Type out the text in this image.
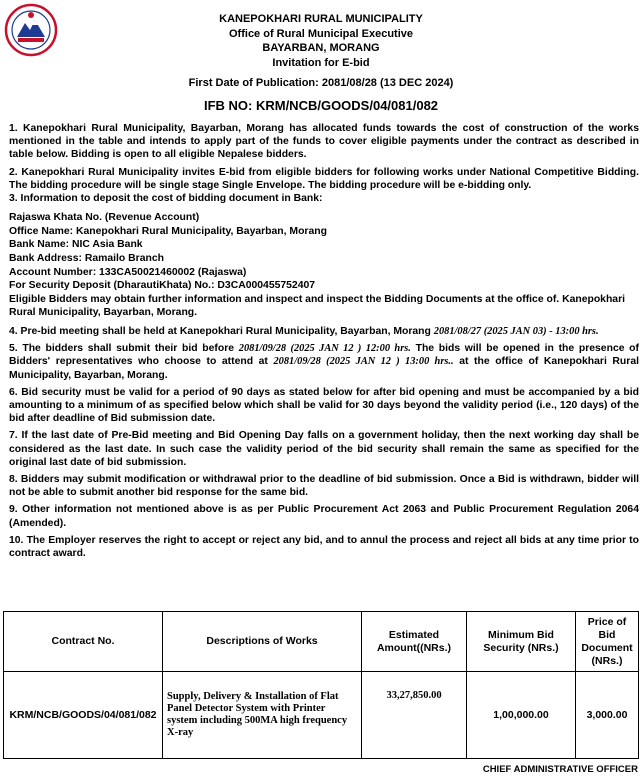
KANEPOKHARI RURAL MUNICIPALITY
Office of Rural Municipal Executive
BAYARBAN, MORANG
Invitation for E-bid
First Date of Publication: 2081/08/28 (13 DEC 2024)
IFB NO: KRM/NCB/GOODS/04/081/082

1. Kanepokhari Rural Municipality, Bayarban, Morang has allocated funds towards the cost of construction of the works mentioned in the table and intends to apply part of the funds to cover eligible payments under the contract as described in table below. Bidding is open to all eligible Nepalese bidders.

2. Kanepokhari Rural Municipality invites E-bid from eligible bidders for following works under National Competitive Bidding. The bidding procedure will be single stage Single Envelope. The bidding procedure will be e-bidding only.

3. Information to deposit the cost of bidding document in Bank:

Rajaswa Khata No. (Revenue Account)
Office Name: Kanepokhari Rural Municipality, Bayarban, Morang
Bank Name: NIC Asia Bank
Bank Address: Ramailo Branch
Account Number: 133CA50021460002 (Rajaswa)
For Security Deposit (DharautiKhata) No.: D3CA000455752407
Eligible Bidders may obtain further information and inspect and inspect the Bidding Documents at the office of. Kanepokhari Rural Municipality, Bayarban, Morang.

4. Pre-bid meeting shall be held at Kanepokhari Rural Municipality, Bayarban, Morang 2081/08/27 (2025 JAN 03) - 13:00 hrs.

5. The bidders shall submit their bid before 2081/09/28 (2025 JAN 12 ) 12:00 hrs. The bids will be opened in the presence of Bidders' representatives who choose to attend at 2081/09/28 (2025 JAN 12 ) 13:00 hrs.. at the office of Kanepokhari Rural Municipality, Bayarban, Morang.

6. Bid security must be valid for a period of 90 days as stated below for after bid opening and must be accompanied by a bid amounting to a minimum of as specified below which shall be valid for 30 days beyond the validity period (i.e., 120 days) of the bid after deadline of Bid submission date.

7. If the last date of Pre-Bid meeting and Bid Opening Day falls on a government holiday, then the next working day shall be considered as the last date. In such case the validity period of the bid security shall remain the same as specified for the original last date of bid submission.

8. Bidders may submit modification or withdrawal prior to the deadline of bid submission. Once a Bid is withdrawn, bidder will not be able to submit another bid response for the same bid.

9. Other information not mentioned above is as per Public Procurement Act 2063 and Public Procurement Regulation 2064 (Amended).

10. The Employer reserves the right to accept or reject any bid, and to annul the process and reject all bids at any time prior to contract award.

Contract No.	Descriptions of Works	Estimated Amount((NRs.)	Minimum Bid Security (NRs.)	Price of Bid Document (NRs.)
KRM/NCB/GOODS/04/081/082	Supply, Delivery & Installation of Flat Panel Detector System with Printer system including 500MA high frequency X-ray	33,27,850.00	1,00,000.00	3,000.00
CHIEF ADMINISTRATIVE OFFICER
